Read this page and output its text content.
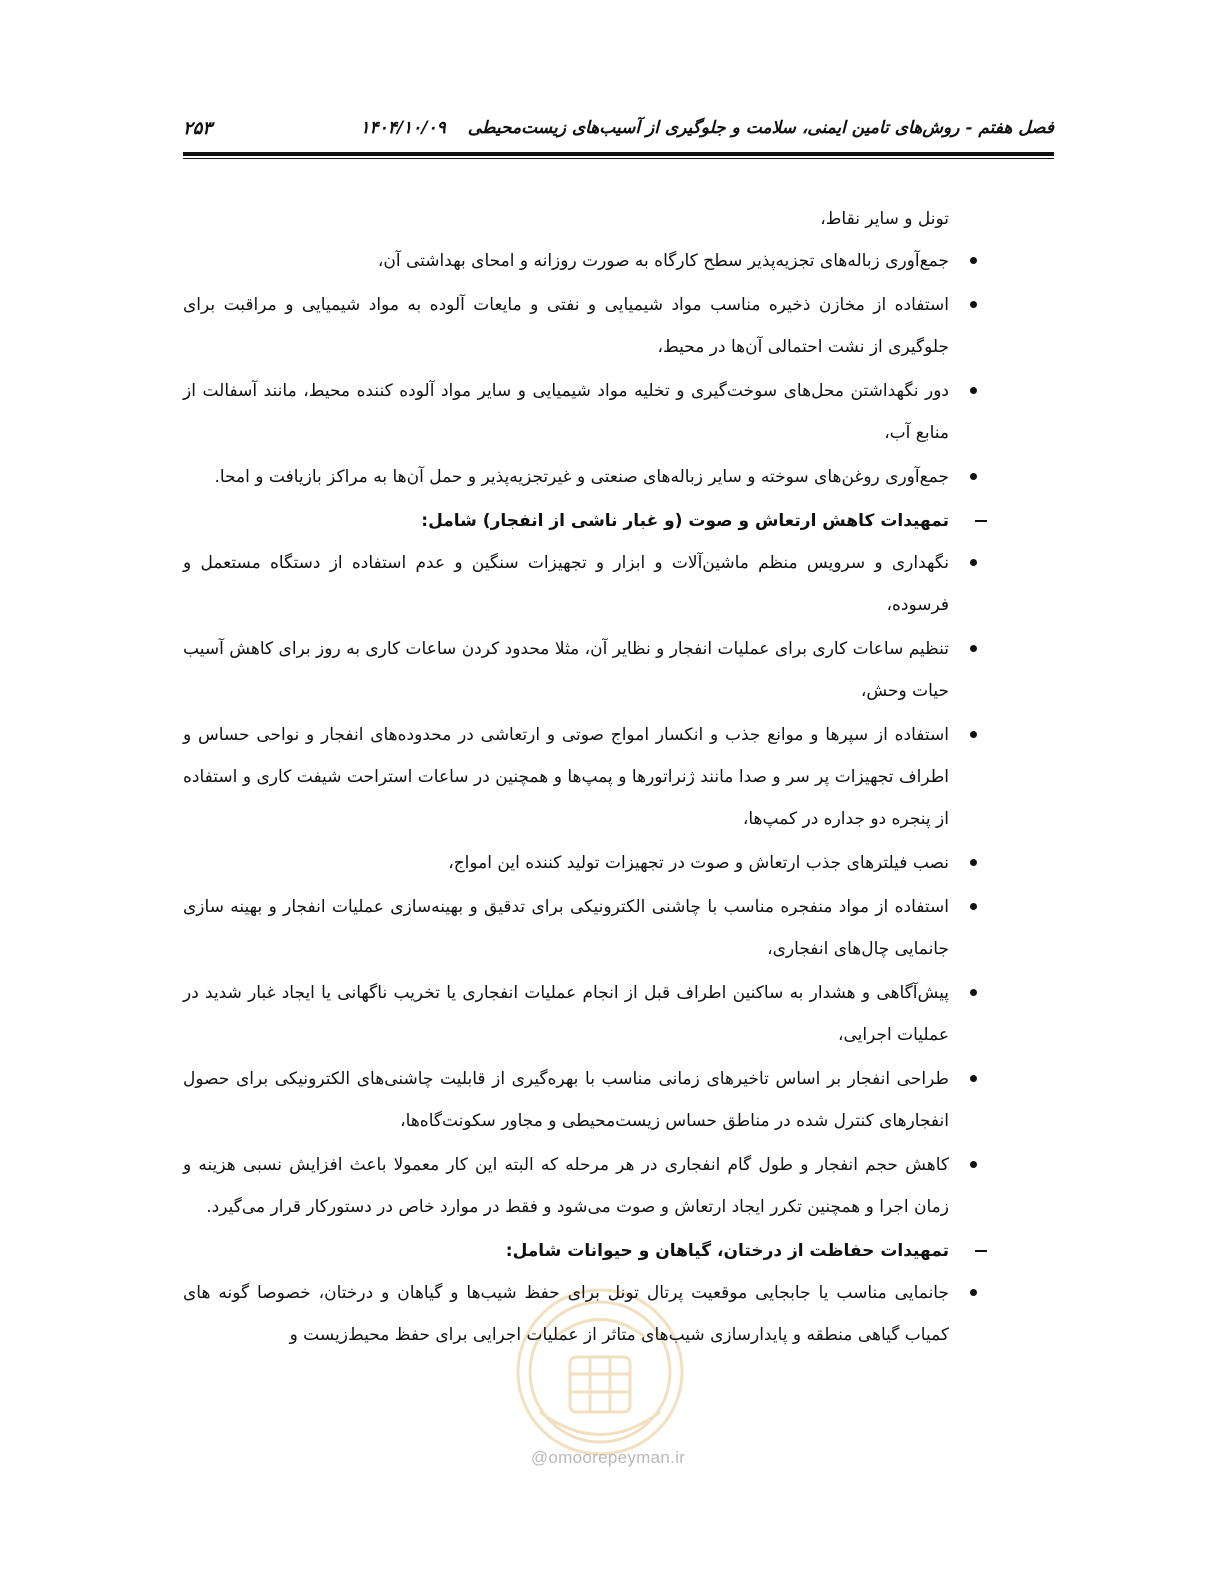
فصل هفتم - روش‌های تامین ایمنی، سلامت و جلوگیری از آسیب‌های زیست‌محیطی۱۴۰۴/۱۰/۰۹
۲۵۳
@omoorepeyman.ir

تونل و سایر نقاط،

جمع‌آوری زباله‌های تجزیه‌پذیر سطح کارگاه به صورت روزانه و امحای بهداشتی آن،
استفاده از مخازن ذخیره مناسب مواد شیمیایی و نفتی و مایعات آلوده به مواد شیمیایی و مراقبت برای جلوگیری از نشت احتمالی آن‌ها در محیط،
دور نگهداشتن محل‌های سوخت‌گیری و تخلیه مواد شیمیایی و سایر مواد آلوده کننده محیط، مانند آسفالت از منابع آب،
جمع‌آوری روغن‌های سوخته و سایر زباله‌های صنعتی و غیرتجزیه‌پذیر و حمل آن‌ها به مراکز بازیافت و امحا.

تمهیدات کاهش ارتعاش و صوت (و غبار ناشی از انفجار) شامل:

نگهداری و سرویس منظم ماشین‌آلات و ابزار و تجهیزات سنگین و عدم استفاده از دستگاه مستعمل و فرسوده،
تنظیم ساعات کاری برای عملیات انفجار و نظایر آن، مثلا محدود کردن ساعات کاری به روز برای کاهش آسیب حیات وحش،
استفاده از سپرها و موانع جذب و انکسار امواج صوتی و ارتعاشی در محدوده‌های انفجار و نواحی حساس و اطراف تجهیزات پر سر و صدا مانند ژنراتورها و پمپ‌ها و همچنین در ساعات استراحت شیفت کاری و استفاده از پنجره دو جداره در کمپ‌ها،
نصب فیلترهای جذب ارتعاش و صوت در تجهیزات تولید کننده این امواج،
استفاده از مواد منفجره مناسب با چاشنی الکترونیکی برای تدقیق و بهینه‌سازی عملیات انفجار و بهینه سازی جانمایی چال‌های انفجاری،
پیش‌آگاهی و هشدار به ساکنین اطراف قبل از انجام عملیات انفجاری یا تخریب ناگهانی یا ایجاد غبار شدید در عملیات اجرایی،
طراحی انفجار بر اساس تاخیرهای زمانی مناسب با بهره‌گیری از قابلیت چاشنی‌های الکترونیکی برای حصول انفجارهای کنترل شده در مناطق حساس زیست‌محیطی و مجاور سکونت‌گاه‌ها،
کاهش حجم انفجار و طول گام انفجاری در هر مرحله که البته این کار معمولا باعث افزایش نسبی هزینه و زمان اجرا و همچنین تکرر ایجاد ارتعاش و صوت می‌شود و فقط در موارد خاص در دستورکار قرار می‌گیرد.

تمهیدات حفاظت از درختان، گیاهان و حیوانات شامل:

جانمایی مناسب یا جابجایی موقعیت پرتال تونل برای حفظ شیب‌ها و گیاهان و درختان، خصوصا گونه های کمیاب گیاهی منطقه و پایدارسازی شیب‌های متاثر از عملیات اجرایی برای حفظ محیط‌زیست و
